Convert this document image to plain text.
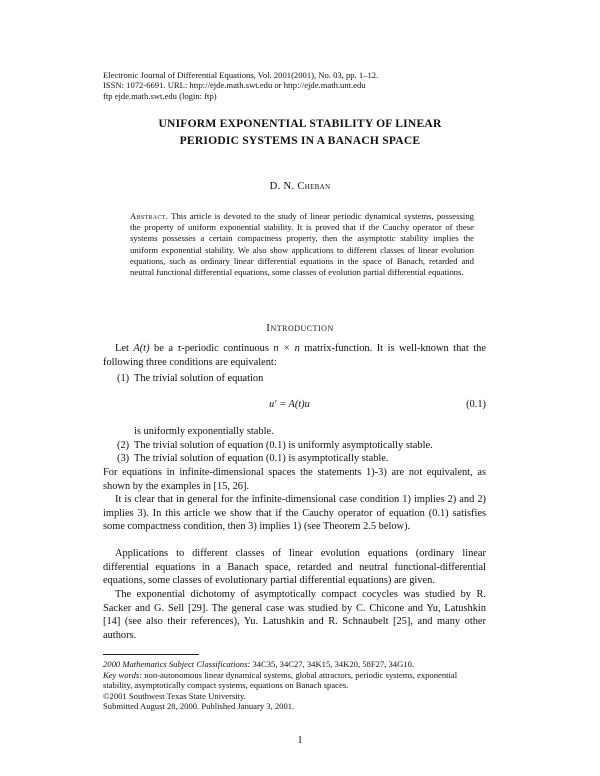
Electronic Journal of Differential Equations, Vol. 2001(2001), No. 03, pp. 1–12.
ISSN: 1072-6691. URL: http://ejde.math.swt.edu or http://ejde.math.unt.edu
ftp ejde.math.swt.edu (login: ftp)
UNIFORM EXPONENTIAL STABILITY OF LINEAR
PERIODIC SYSTEMS IN A BANACH SPACE
D. N. Cheban
Abstract. This article is devoted to the study of linear periodic dynamical systems, possessing the property of uniform exponential stability. It is proved that if the Cauchy operator of these systems possesses a certain compactness property, then the asymptotic stability implies the uniform exponential stability. We also show applications to different classes of linear evolution equations, such as ordinary linear differential equations in the space of Banach, retarded and neutral functional differential equations, some classes of evolution partial differential equations.
Introduction
Let A(t) be a τ-periodic continuous n × n matrix-function. It is well-known that the following three conditions are equivalent:
(1) The trivial solution of equation
u′ = A(t)u	(0.1)
is uniformly exponentially stable.
(2) The trivial solution of equation (0.1) is uniformly asymptotically stable.
(3) The trivial solution of equation (0.1) is asymptotically stable.
For equations in infinite-dimensional spaces the statements 1)-3) are not equivalent, as shown by the examples in [15, 26].
It is clear that in general for the infinite-dimensional case condition 1) implies 2) and 2) implies 3). In this article we show that if the Cauchy operator of equation (0.1) satisfies some compactness condition, then 3) implies 1) (see Theorem 2.5 below).
Applications to different classes of linear evolution equations (ordinary linear differential equations in a Banach space, retarded and neutral functional-differential equations, some classes of evolutionary partial differential equations) are given.
The exponential dichotomy of asymptotically compact cocycles was studied by R. Sacker and G. Sell [29]. The general case was studied by C. Chicone and Yu, Latushkin [14] (see also their references), Yu. Latushkin and R. Schnaubelt [25], and many other authors.
2000 Mathematics Subject Classifications: 34C35, 34C27, 34K15, 34K20, 58F27, 34G10.
Key words: non-autonomous linear dynamical systems, global attractors, periodic systems, exponential stability, asymptotically compact systems, equations on Banach spaces.
©2001 Southwest Texas State University.
Submitted August 28, 2000. Published January 3, 2001.
1
